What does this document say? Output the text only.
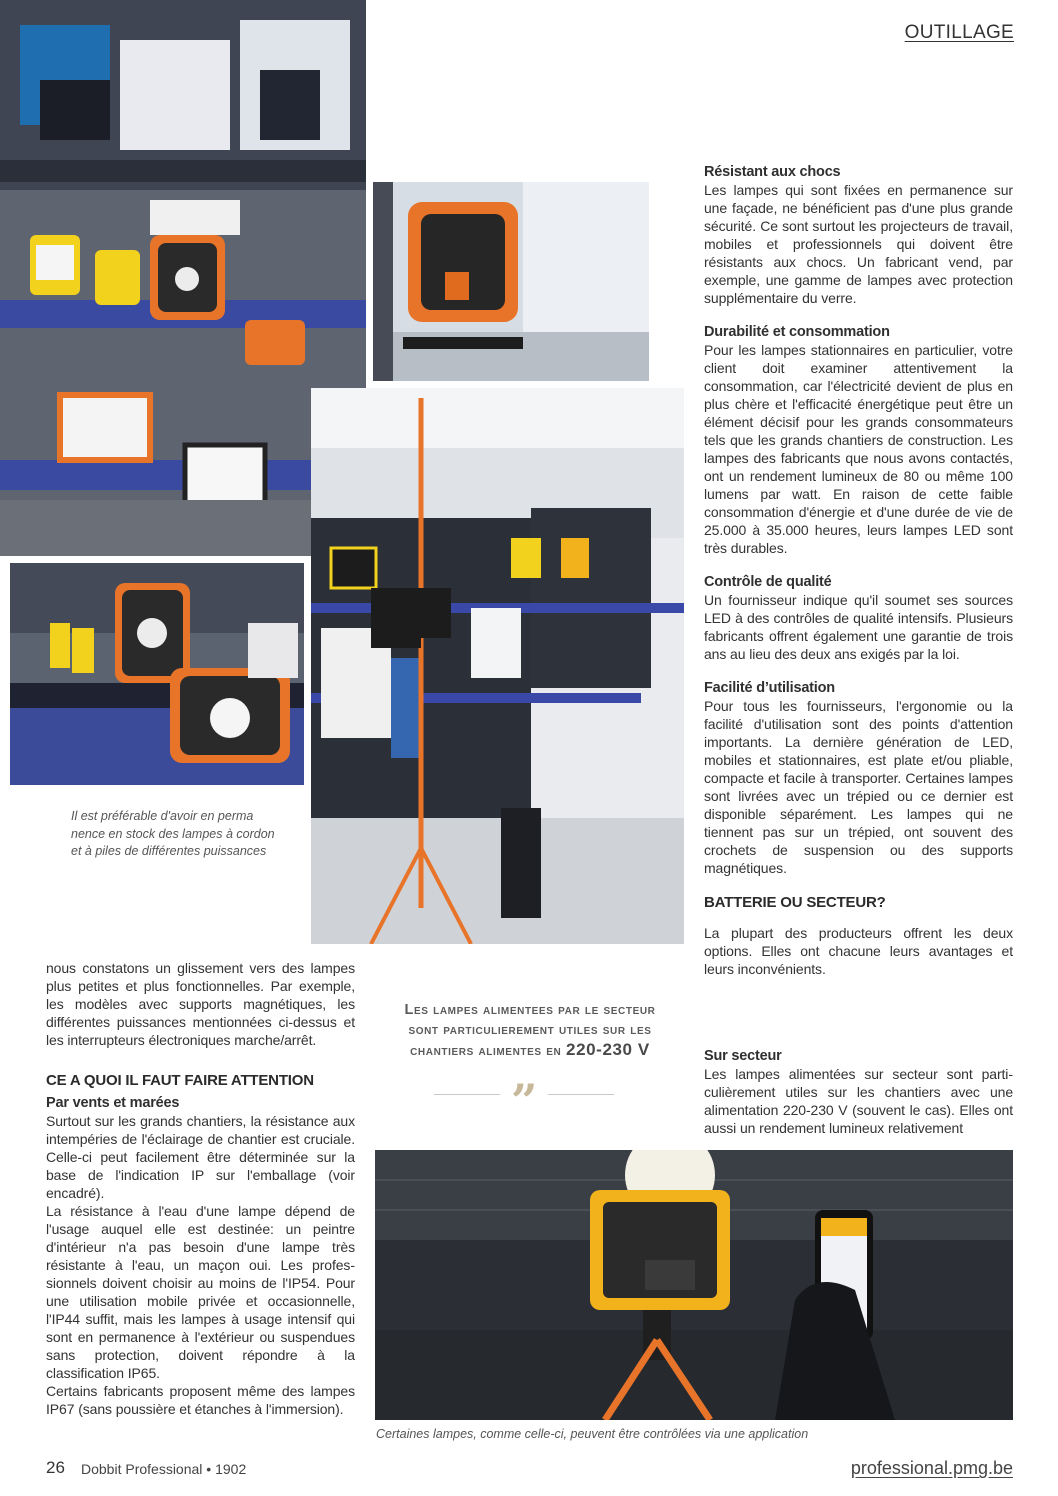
OUTILLAGE
Il est préférable d'avoir en perma nence en stock des lampes à cordon et à piles de différentes puissances
Résistant aux chocs

Les lampes qui sont fixées en permanence sur une façade, ne bénéficient pas d'une plus grande sécurité. Ce sont surtout les projecteurs de travail, mobiles et professionnels qui doivent être résistants aux chocs. Un fabricant vend, par exemple, une gamme de lampes avec protection supplémentaire du verre.

Durabilité et consommation

Pour les lampes stationnaires en particulier, votre client doit examiner attentivement la consommation, car l'électricité devient de plus en plus chère et l'efficacité énergétique peut être un élément décisif pour les grands consommateurs tels que les grands chantiers de construction. Les lampes des fabricants que nous avons contactés, ont un rendement lumineux de 80 ou même 100 lumens par watt. En raison de cette faible consommation d'énergie et d'une durée de vie de 25.000 à 35.000 heures, leurs lampes LED sont très durables.

Contrôle de qualité

Un fournisseur indique qu'il soumet ses sources LED à des contrôles de qualité intensifs. Plusieurs fabricants offrent également une garantie de trois ans au lieu des deux ans exigés par la loi.

Facilité d’utilisation

Pour tous les fournisseurs, l'ergonomie ou la facilité d'utilisation sont des points d'attention importants. La dernière génération de LED, mobiles et stationnaires, est plate et/ou pliable, compacte et facile à transporter. Certaines lampes sont livrées avec un trépied ou ce dernier est disponible séparément. Les lampes qui ne tiennent pas sur un trépied, ont souvent des crochets de suspension ou des supports magnétiques.

BATTERIE OU SECTEUR?

La plupart des producteurs offrent les deux options. Elles ont chacune leurs avantages et leurs inconvénients.

Sur secteur

Les lampes alimentées sur secteur sont particulièrement utiles sur les chantiers avec une alimentation 220-230 V (souvent le cas). Elles ont aussi un rendement lumineux relativement

nous constatons un glissement vers des lampes plus petites et plus fonctionnelles. Par exemple, les modèles avec supports magnétiques, les différentes puissances mentionnées ci-dessus et les interrupteurs électroniques marche/arrêt.

CE A QUOI IL FAUT FAIRE ATTENTION
Par vents et marées

Surtout sur les grands chantiers, la résistance aux intempéries de l'éclairage de chantier est cruciale. Celle-ci peut facilement être déterminée sur la base de l'indication IP sur l'emballage (voir encadré).

La résistance à l'eau d'une lampe dépend de l'usage auquel elle est destinée: un peintre d'intérieur n'a pas besoin d'une lampe très résistante à l'eau, un maçon oui. Les professionnels doivent choisir au moins de l'IP54. Pour une utilisation mobile privée et occasionnelle, l'IP44 suffit, mais les lampes à usage intensif qui sont en permanence à l'extérieur ou suspendues sans protection, doivent répondre à la classification IP65.

Certains fabricants proposent même des lampes IP67 (sans poussière et étanches à l'immersion).

Les lampes alimentees par le secteur
sont particulierement utiles sur les
chantiers alimentes en 220-230 V
”
Certaines lampes, comme celle-ci, peuvent être contrôlées via une application
26 Dobbit Professional • 1902	professional.pmg.be
